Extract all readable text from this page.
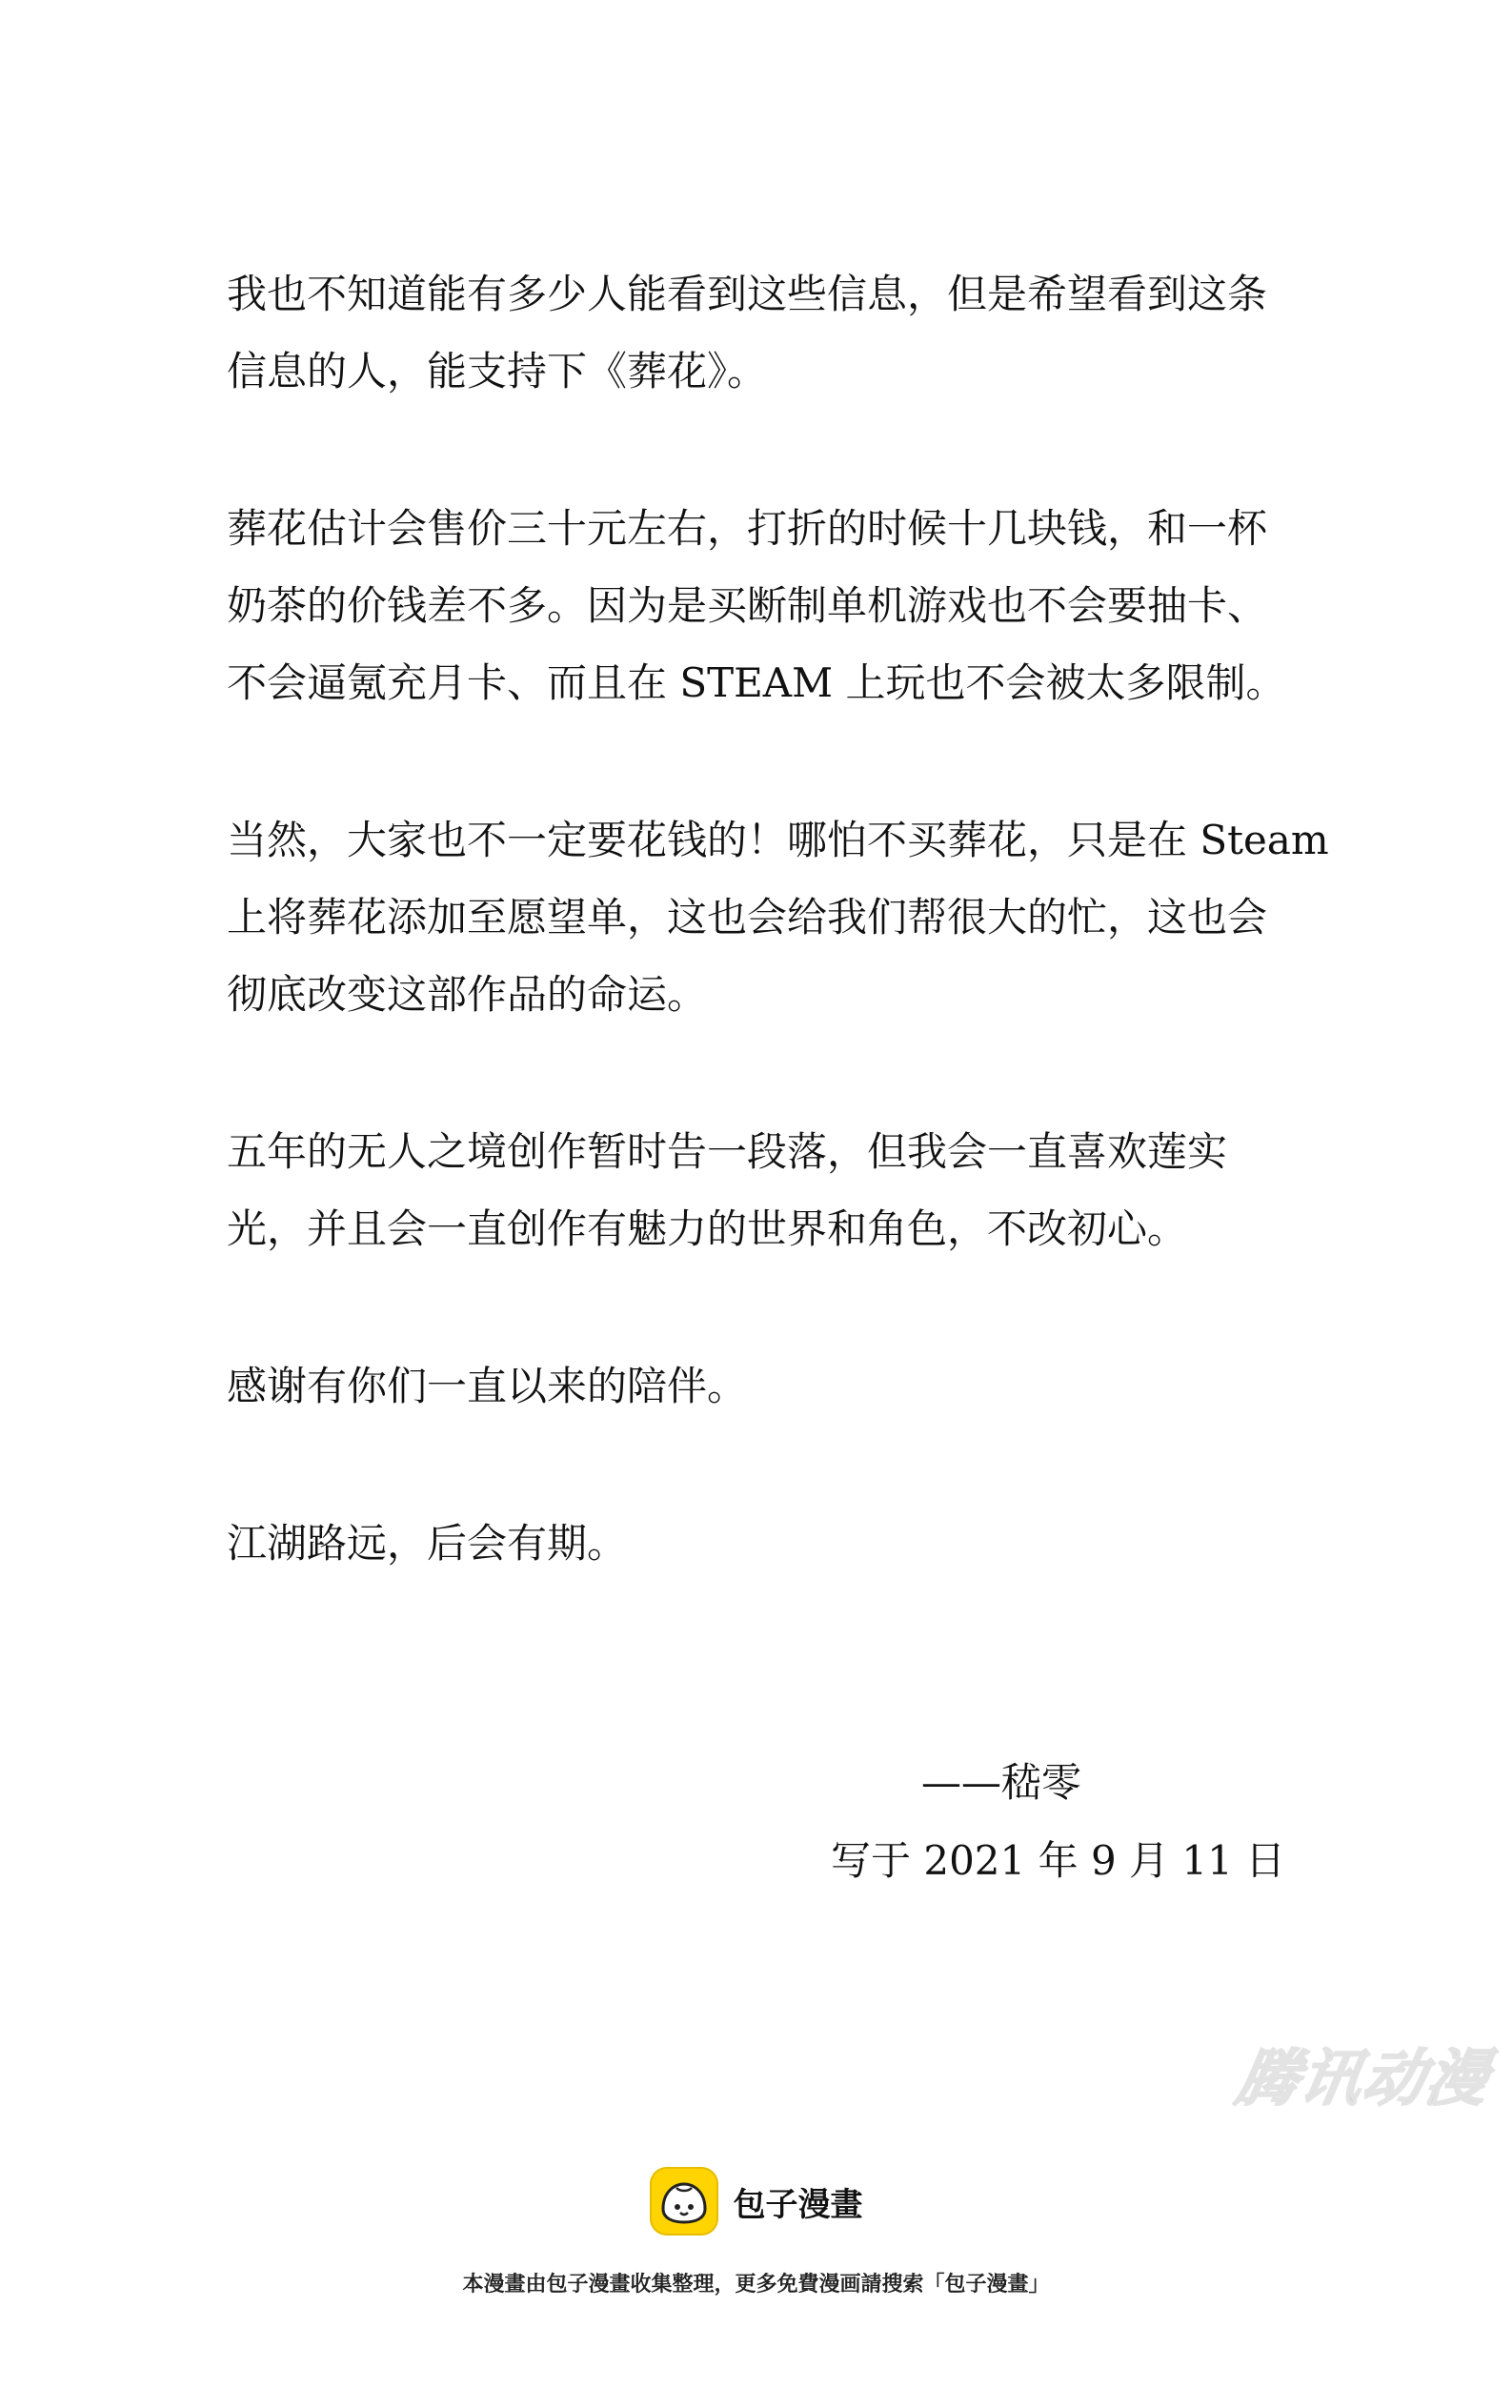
我也不知道能有多少人能看到这些信息，但是希望看到这条
信息的人，能支持下《葬花》。

葬花估计会售价三十元左右，打折的时候十几块钱，和一杯
奶茶的价钱差不多。因为是买断制单机游戏也不会要抽卡、
不会逼氪充月卡、而且在 STEAM 上玩也不会被太多限制。

当然，大家也不一定要花钱的！哪怕不买葬花，只是在 Steam
上将葬花添加至愿望单，这也会给我们帮很大的忙，这也会
彻底改变这部作品的命运。

五年的无人之境创作暂时告一段落，但我会一直喜欢莲实
光，并且会一直创作有魅力的世界和角色，不改初心。

感谢有你们一直以来的陪伴。

江湖路远，后会有期。

——嵇零
写于 2021 年 9 月 11 日
腾讯动漫
包子漫畫
本漫畫由包子漫畫收集整理，更多免費漫画請搜索「包子漫畫」
